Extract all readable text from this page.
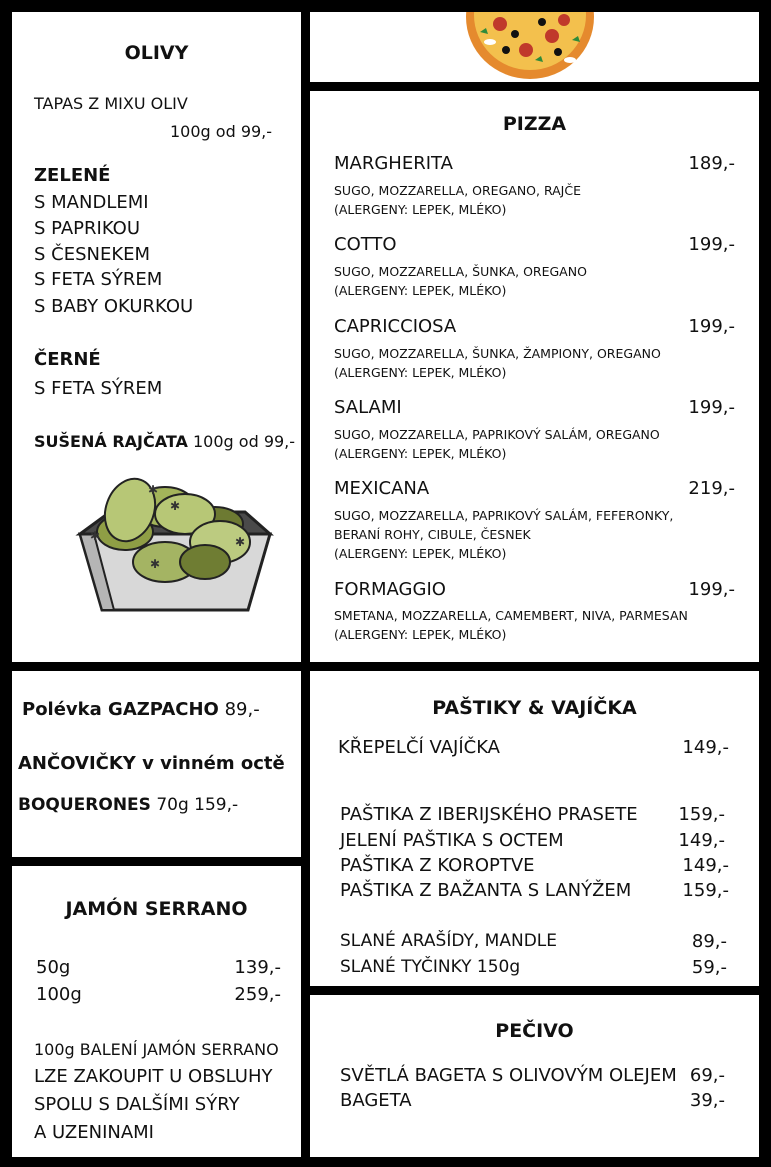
OLIVY
TAPAS Z MIXU OLIV
100g od 99,-
ZELENÉ
S MANDLEMI
S PAPRIKOU
S ČESNEKEM
S FETA SÝREM
S BABY OKURKOU
ČERNÉ
S FETA SÝREM
SUŠENÁ RAJČATA 100g od 99,-
✱
✱
✱
✱
✱
PIZZA
MARGHERITA	189,-
SUGO, MOZZARELLA, OREGANO, RAJČE
(ALERGENY: LEPEK, MLÉKO)
COTTO	199,-
SUGO, MOZZARELLA, ŠUNKA, OREGANO
(ALERGENY: LEPEK, MLÉKO)
CAPRICCIOSA	199,-
SUGO, MOZZARELLA, ŠUNKA, ŽAMPIONY, OREGANO
(ALERGENY: LEPEK, MLÉKO)
SALAMI	199,-
SUGO, MOZZARELLA, PAPRIKOVÝ SALÁM, OREGANO
(ALERGENY: LEPEK, MLÉKO)
MEXICANA	219,-
SUGO, MOZZARELLA, PAPRIKOVÝ SALÁM, FEFERONKY,
BERANÍ ROHY, CIBULE, ČESNEK
(ALERGENY: LEPEK, MLÉKO)
FORMAGGIO	199,-
SMETANA, MOZZARELLA, CAMEMBERT, NIVA, PARMESAN
(ALERGENY: LEPEK, MLÉKO)
Polévka GAZPACHO 89,-
ANČOVIČKY v vinném octě
BOQUERONES 70g 159,-
JAMÓN SERRANO
50g	139,-
100g	259,-
100g BALENÍ JAMÓN SERRANO
LZE ZAKOUPIT U OBSLUHY
SPOLU S DALŠÍMI SÝRY
A UZENINAMI
PAŠTIKY & VAJÍČKA
KŘEPELČÍ VAJÍČKA	149,-
PAŠTIKA Z IBERIJSKÉHO PRASETE 159,-
JELENÍ PAŠTIKA S OCTEM	149,-
PAŠTIKA Z KOROPTVE	149,-
PAŠTIKA Z BAŽANTA S LANÝŽEM	159,-
SLANÉ ARAŠÍDY, MANDLE	89,-
SLANÉ TYČINKY 150g	59,-
PEČIVO
SVĚTLÁ BAGETA S OLIVOVÝM OLEJEM 69,-
BAGETA	39,-
